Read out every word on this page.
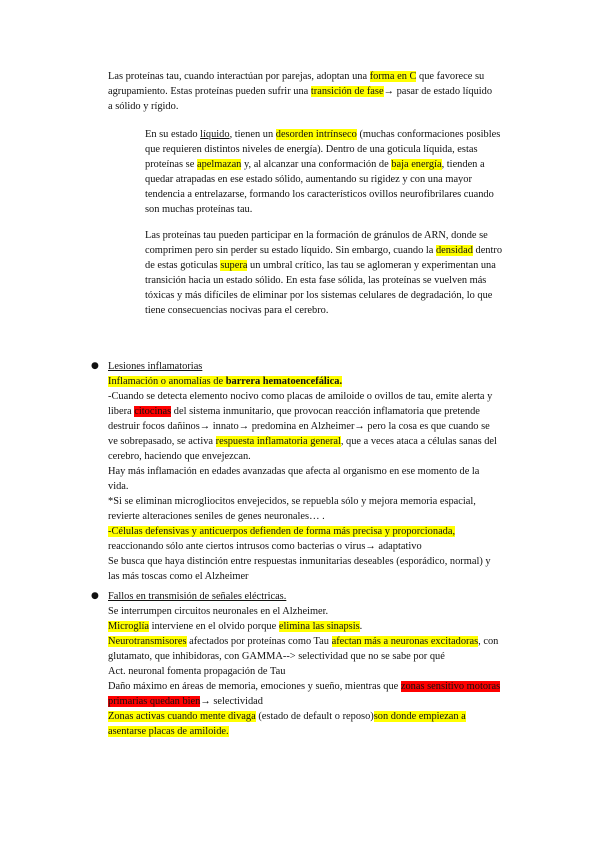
Las proteínas tau, cuando interactúan por parejas, adoptan una forma en C que favorece su
agrupamiento. Estas proteínas pueden sufrir una transición de fase→ pasar de estado líquido
a sólido y rígido.
En su estado líquido, tienen un desorden intrínseco (muchas conformaciones posibles
que requieren distintos niveles de energía). Dentro de una goticula líquida, estas
proteínas se apelmazan y, al alcanzar una conformación de baja energía, tienden a
quedar atrapadas en ese estado sólido, aumentando su rigidez y con una mayor
tendencia a entrelazarse, formando los característicos ovillos neurofibrilares cuando
son muchas proteínas tau.
Las proteínas tau pueden participar en la formación de gránulos de ARN, donde se
comprimen pero sin perder su estado líquido. Sin embargo, cuando la densidad dentro
de estas goticulas supera un umbral crítico, las tau se aglomeran y experimentan una
transición hacia un estado sólido. En esta fase sólida, las proteínas se vuelven más
tóxicas y más difíciles de eliminar por los sistemas celulares de degradación, lo que
tiene consecuencias nocivas para el cerebro.
● Lesiones inflamatorias
Inflamación o anomalías de barrera hematoencefálica.
-Cuando se detecta elemento nocivo como placas de amiloide o ovillos de tau, emite alerta y
libera citocinas del sistema inmunitario, que provocan reacción inflamatoria que pretende
destruir focos dañinos→ innato→ predomina en Alzheimer→ pero la cosa es que cuando se
ve sobrepasado, se activa respuesta inflamatoria general, que a veces ataca a células sanas del
cerebro, haciendo que envejezcan.
Hay más inflamación en edades avanzadas que afecta al organismo en ese momento de la
vida.
*Si se eliminan microgliocitos envejecidos, se repuebla sólo y mejora memoria espacial,
revierte alteraciones seniles de genes neuronales… .
-Células defensivas y anticuerpos defienden de forma más precisa y proporcionada,
reaccionando sólo ante ciertos intrusos como bacterias o virus→ adaptativo
Se busca que haya distinción entre respuestas inmunitarias deseables (esporádico, normal) y
las más toscas como el Alzheimer
● Fallos en transmisión de señales eléctricas.
Se interrumpen circuitos neuronales en el Alzheimer.
Microglía interviene en el olvido porque elimina las sinapsis.
Neurotransmisores afectados por proteínas como Tau afectan más a neuronas excitadoras, con
glutamato, que inhibidoras, con GAMMA--> selectividad que no se sabe por qué
Act. neuronal fomenta propagación de Tau
Daño máximo en áreas de memoria, emociones y sueño, mientras que zonas sensitivo motoras
primarias quedan bien→ selectividad
Zonas activas cuando mente divaga (estado de default o reposo)son donde empiezan a
asentarse placas de amiloide.
